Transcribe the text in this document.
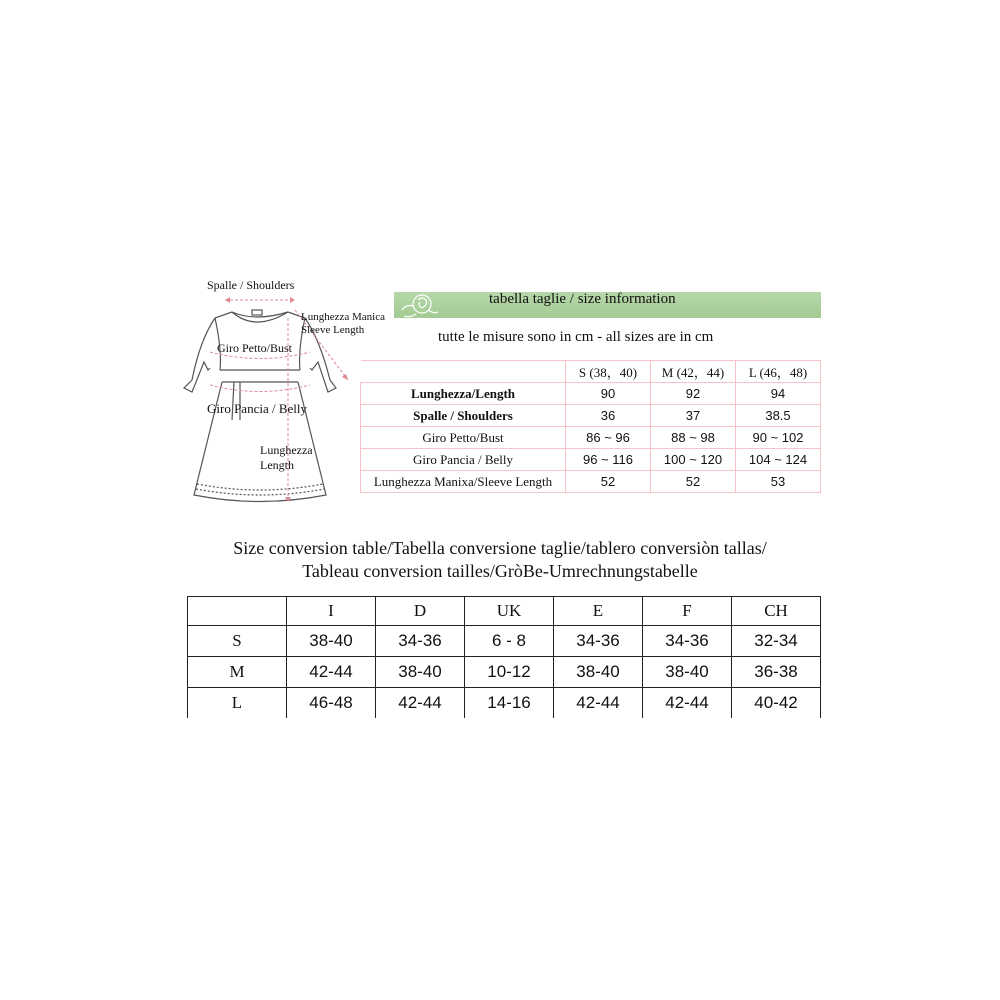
Spalle / Shoulders
Lunghezza Manica
Sleeve Length
Giro Petto/Bust
Giro Pancia / Belly
Lunghezza
Length
tabella taglie / size information
tutte le misure sono in cm - all sizes are in cm
	S (38，40)	M (42，44)	L (46，48)
Lunghezza/Length	90	92	94
Spalle / Shoulders	36	37	38.5
Giro Petto/Bust	86 ~ 96	88 ~ 98	90 ~ 102
Giro Pancia / Belly	96 ~ 116	100 ~ 120	104 ~ 124
Lunghezza Manixa/Sleeve Length	52	52	53
Size conversion table/Tabella conversione taglie/tablero conversiòn tallas/
Tableau conversion tailles/GròBe-Umrechnungstabelle
	I	D	UK	E	F	CH
S	38-40	34-36	6 - 8	34-36	34-36	32-34
M	42-44	38-40	10-12	38-40	38-40	36-38
L	46-48	42-44	14-16	42-44	42-44	40-42
